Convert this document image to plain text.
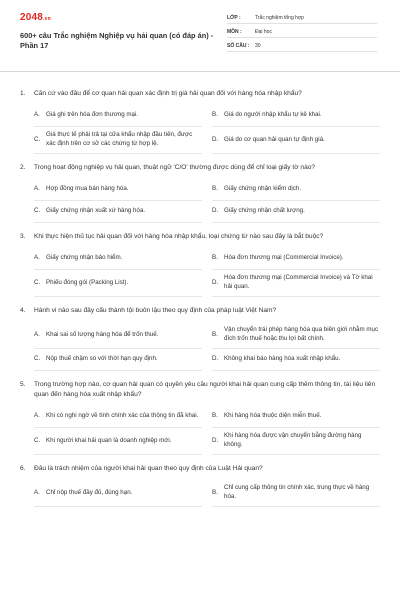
2048.vn
600+ câu Trắc nghiệm Nghiệp vụ hải quan (có đáp án) - Phần 17
LỚP :	Trắc nghiệm tổng hợp
MÔN :	Đại học
SỐ CÂU :	30
1.	Căn cứ vào đâu để cơ quan hải quan xác định trị giá hải quan đối với hàng hóa nhập khẩu?
A. Giá ghi trên hóa đơn thương mại.	B. Giá do người nhập khẩu tự kê khai.
C.
Giá thực tế phải trả tại cửa khẩu nhập đầu tiên, được xác định trên cơ sở các chứng từ hợp lệ.
D. Giá do cơ quan hải quan tự định giá.
2.	Trong hoạt động nghiệp vụ hải quan, thuật ngữ 'C/O' thường được dùng để chỉ loại giấy tờ nào?
A. Hợp đồng mua bán hàng hóa.	B. Giấy chứng nhận kiểm dịch.
C. Giấy chứng nhận xuất xứ hàng hóa.	D. Giấy chứng nhận chất lượng.
3.	Khi thực hiện thủ tục hải quan đối với hàng hóa nhập khẩu, loại chứng từ nào sau đây là bắt buộc?
A. Giấy chứng nhận bảo hiểm.	B. Hóa đơn thương mại (Commercial Invoice).
C. Phiếu đóng gói (Packing List).	D.
Hóa đơn thương mại (Commercial Invoice) và Tờ khai hải quan.
4.	Hành vi nào sau đây cấu thành tội buôn lậu theo quy định của pháp luật Việt Nam?
A. Khai sai số lượng hàng hóa để trốn thuế.	B.
Vận chuyển trái phép hàng hóa qua biên giới nhằm mục đích trốn thuế hoặc thu lợi bất chính.
C. Nộp thuế chậm so với thời hạn quy định.	D. Không khai báo hàng hóa xuất nhập khẩu.
5.	Trong trường hợp nào, cơ quan hải quan có quyền yêu cầu người khai hải quan cung cấp thêm thông tin, tài liệu liên quan đến hàng hóa xuất nhập khẩu?
A. Khi có nghi ngờ về tính chính xác của thông tin đã khai.	B. Khi hàng hóa thuộc diện miễn thuế.
C. Khi người khai hải quan là doanh nghiệp mới.	D.
Khi hàng hóa được vận chuyển bằng đường hàng không.
6.	Đâu là trách nhiệm của người khai hải quan theo quy định của Luật Hải quan?
A. Chỉ nộp thuế đầy đủ, đúng hạn.	B.
Chỉ cung cấp thông tin chính xác, trung thực về hàng hóa.
